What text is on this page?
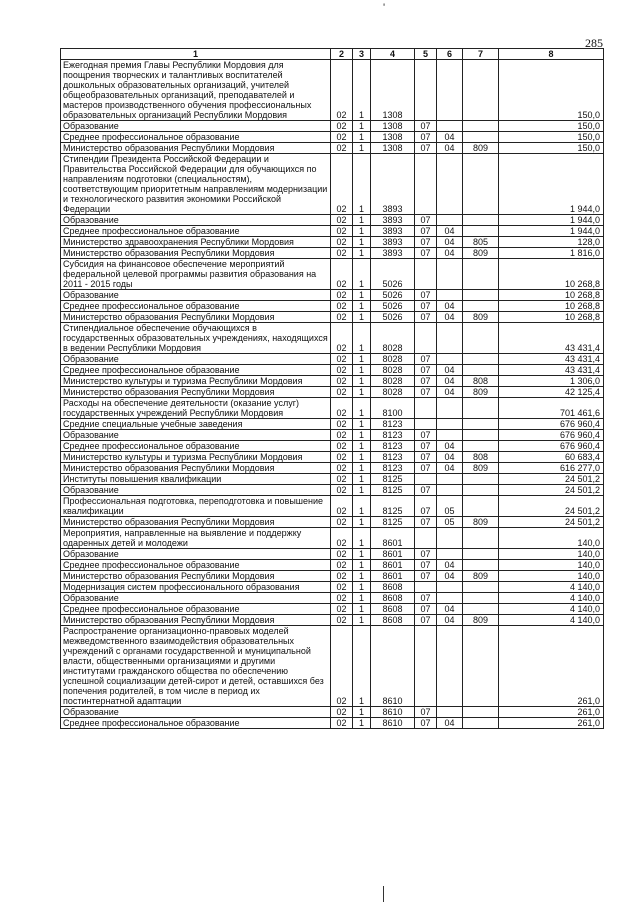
'
285
1	2	3	4	5	6	7	8
Ежегодная премия Главы Республики Мордовия для поощрения творческих и талантливых воспитателей дошкольных образовательных организаций, учителей общеобразовательных организаций, преподавателей и мастеров производственного обучения профессиональных образовательных организаций Республики Мордовия	02	1	1308				150,0
Образование	02	1	1308	07			150,0
Среднее профессиональное образование	02	1	1308	07	04		150,0
Министерство образования Республики Мордовия	02	1	1308	07	04	809	150,0
Стипендии Президента Российской Федерации и Правительства Российской Федерации для обучающихся по направлениям подготовки (специальностям), соответствующим приоритетным направлениям модернизации и технологического развития экономики Российской Федерации	02	1	3893				1 944,0
Образование	02	1	3893	07			1 944,0
Среднее профессиональное образование	02	1	3893	07	04		1 944,0
Министерство здравоохранения Республики Мордовия	02	1	3893	07	04	805	128,0
Министерство образования Республики Мордовия	02	1	3893	07	04	809	1 816,0
Субсидия на финансовое обеспечение мероприятий федеральной целевой программы развития образования на 2011 - 2015 годы	02	1	5026				10 268,8
Образование	02	1	5026	07			10 268,8
Среднее профессиональное образование	02	1	5026	07	04		10 268,8
Министерство образования Республики Мордовия	02	1	5026	07	04	809	10 268,8
Стипендиальное обеспечение обучающихся в государственных образовательных учреждениях, находящихся в ведении Республики Мордовия	02	1	8028				43 431,4
Образование	02	1	8028	07			43 431,4
Среднее профессиональное образование	02	1	8028	07	04		43 431,4
Министерство культуры и туризма Республики Мордовия	02	1	8028	07	04	808	1 306,0
Министерство образования Республики Мордовия	02	1	8028	07	04	809	42 125,4
Расходы на обеспечение деятельности (оказание услуг) государственных учреждений Республики Мордовия	02	1	8100				701 461,6
Средние специальные учебные заведения	02	1	8123				676 960,4
Образование	02	1	8123	07			676 960,4
Среднее профессиональное образование	02	1	8123	07	04		676 960,4
Министерство культуры и туризма Республики Мордовия	02	1	8123	07	04	808	60 683,4
Министерство образования Республики Мордовия	02	1	8123	07	04	809	616 277,0
Институты повышения квалификации	02	1	8125				24 501,2
Образование	02	1	8125	07			24 501,2
Профессиональная подготовка, переподготовка и повышение квалификации	02	1	8125	07	05		24 501,2
Министерство образования Республики Мордовия	02	1	8125	07	05	809	24 501,2
Мероприятия, направленные на выявление и поддержку одаренных детей и молодежи	02	1	8601				140,0
Образование	02	1	8601	07			140,0
Среднее профессиональное образование	02	1	8601	07	04		140,0
Министерство образования Республики Мордовия	02	1	8601	07	04	809	140,0
Модернизация систем профессионального образования	02	1	8608				4 140,0
Образование	02	1	8608	07			4 140,0
Среднее профессиональное образование	02	1	8608	07	04		4 140,0
Министерство образования Республики Мордовия	02	1	8608	07	04	809	4 140,0
Распространение организационно-правовых моделей межведомственного взаимодействия образовательных учреждений с органами государственной и муниципальной власти, общественными организациями и другими институтами гражданского общества по обеспечению успешной социализации детей-сирот и детей, оставшихся без попечения родителей, в том числе в период их постинтернатной адаптации	02	1	8610				261,0
Образование	02	1	8610	07			261,0
Среднее профессиональное образование	02	1	8610	07	04		261,0
